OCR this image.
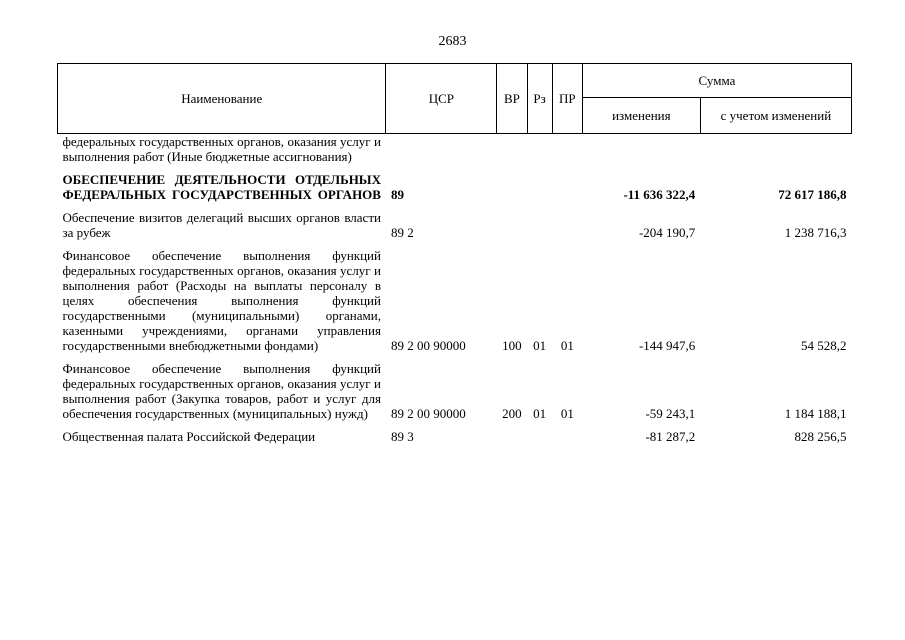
2683
Наименование	ЦСР	ВР	Рз	ПР	Сумма	
					изменения	с учетом изменений
федеральных государственных органов, оказания услуг и выполнения работ (Иные бюджетные ассигнования)						

ОБЕСПЕЧЕНИЕ ДЕЯТЕЛЬНОСТИ ОТДЕЛЬНЫХ ФЕДЕРАЛЬНЫХ ГОСУДАРСТВЕННЫХ ОРГАНОВ	89				-11 636 322,4	72 617 186,8

Обеспечение визитов делегаций высших органов власти за рубеж	89 2				-204 190,7	1 238 716,3

Финансовое обеспечение выполнения функций федеральных государственных органов, оказания услуг и выполнения работ (Расходы на выплаты персоналу в целях обеспечения выполнения функций государственными (муниципальными) органами, казенными учреждениями, органами управления государственными внебюджетными фондами)	89 2 00 90000	100	01	01	-144 947,6	54 528,2

Финансовое обеспечение выполнения функций федеральных государственных органов, оказания услуг и выполнения работ (Закупка товаров, работ и услуг для обеспечения государственных (муниципальных) нужд)	89 2 00 90000	200	01	01	-59 243,1	1 184 188,1

Общественная палата Российской Федерации	89 3				-81 287,2	828 256,5
